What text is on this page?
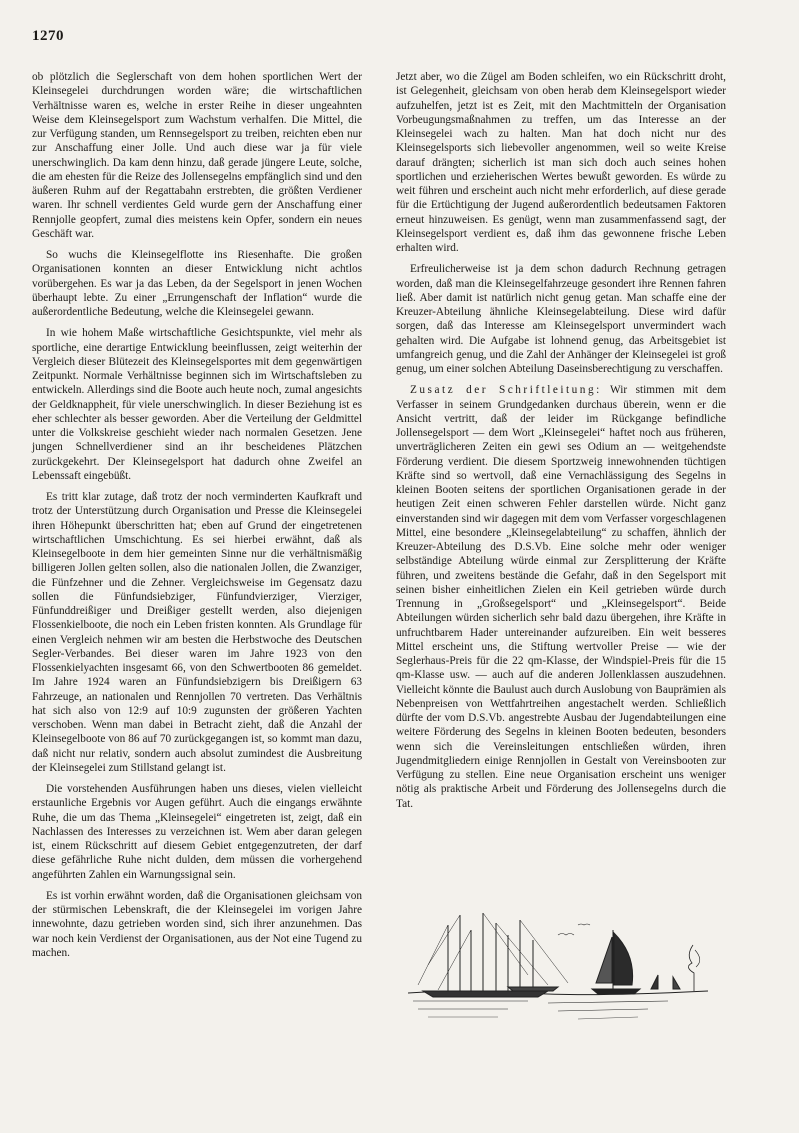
1270

ob plötzlich die Seglerschaft von dem hohen sportlichen Wert der Kleinsegelei durchdrungen worden wäre; die wirtschaftlichen Verhältnisse waren es, welche in erster Reihe in dieser ungeahnten Weise dem Kleinsegelsport zum Wachstum verhalfen. Die Mittel, die zur Verfügung standen, um Rennsegelsport zu treiben, reichten eben nur zur Anschaffung einer Jolle. Und auch diese war ja für viele unerschwinglich. Da kam denn hinzu, daß gerade jüngere Leute, solche, die am ehesten für die Reize des Jollensegelns empfänglich sind und den äußeren Ruhm auf der Regattabahn erstrebten, die größten Verdiener waren. Ihr schnell verdientes Geld wurde gern der Anschaffung einer Rennjolle geopfert, zumal dies meistens kein Opfer, sondern ein neues Geschäft war.

So wuchs die Kleinsegelflotte ins Riesenhafte. Die großen Organisationen konnten an dieser Entwicklung nicht achtlos vorübergehen. Es war ja das Leben, da der Segelsport in jenen Wochen überhaupt lebte. Zu einer „Errungenschaft der Inflation“ wurde die außerordentliche Bedeutung, welche die Kleinsegelei gewann.

In wie hohem Maße wirtschaftliche Gesichtspunkte, viel mehr als sportliche, eine derartige Entwicklung beeinflussen, zeigt weiterhin der Vergleich dieser Blütezeit des Kleinsegelsportes mit dem gegenwärtigen Zeitpunkt. Normale Verhältnisse beginnen sich im Wirtschaftsleben zu entwickeln. Allerdings sind die Boote auch heute noch, zumal angesichts der Geldknappheit, für viele unerschwinglich. In dieser Beziehung ist es eher schlechter als besser geworden. Aber die Verteilung der Geldmittel unter die Volkskreise geschieht wieder nach normalen Gesetzen. Jene jungen Schnellverdiener sind an ihr bescheidenes Plätzchen zurückgekehrt. Der Kleinsegelsport hat dadurch ohne Zweifel an Lebenssaft eingebüßt.

Es tritt klar zutage, daß trotz der noch verminderten Kaufkraft und trotz der Unterstützung durch Organisation und Presse die Kleinsegelei ihren Höhepunkt überschritten hat; eben auf Grund der eingetretenen wirtschaftlichen Umschichtung. Es sei hierbei erwähnt, daß als Kleinsegelboote in dem hier gemeinten Sinne nur die verhältnismäßig billigeren Jollen gelten sollen, also die nationalen Jollen, die Zwanziger, die Fünfzehner und die Zehner. Vergleichsweise im Gegensatz dazu sollen die Fünfundsiebziger, Fünfundvierziger, Vierziger, Fünfunddreißiger und Dreißiger gestellt werden, also diejenigen Flossenkielboote, die noch ein Leben fristen konnten. Als Grundlage für einen Vergleich nehmen wir am besten die Herbstwoche des Deutschen Segler-Verbandes. Bei dieser waren im Jahre 1923 von den Flossenkielyachten insgesamt 66, von den Schwertbooten 86 gemeldet. Im Jahre 1924 waren an Fünfundsiebzigern bis Dreißigern 63 Fahrzeuge, an nationalen und Rennjollen 70 vertreten. Das Verhältnis hat sich also von 12:9 auf 10:9 zugunsten der größeren Yachten verschoben. Wenn man dabei in Betracht zieht, daß die Anzahl der Kleinsegelboote von 86 auf 70 zurückgegangen ist, so kommt man dazu, daß nicht nur relativ, sondern auch absolut zumindest die Ausbreitung der Kleinsegelei zum Stillstand gelangt ist.

Die vorstehenden Ausführungen haben uns dieses, vielen vielleicht erstaunliche Ergebnis vor Augen geführt. Auch die eingangs erwähnte Ruhe, die um das Thema „Kleinsegelei“ eingetreten ist, zeigt, daß ein Nachlassen des Interesses zu verzeichnen ist. Wem aber daran gelegen ist, einem Rückschritt auf diesem Gebiet entgegenzutreten, der darf diese gefährliche Ruhe nicht dulden, dem müssen die vorhergehend angeführten Zahlen ein Warnungssignal sein.

Es ist vorhin erwähnt worden, daß die Organisationen gleichsam von der stürmischen Lebenskraft, die der Kleinsegelei im vorigen Jahre innewohnte, dazu getrieben worden sind, sich ihrer anzunehmen. Das war noch kein Verdienst der Organisationen, aus der Not eine Tugend zu machen.

Jetzt aber, wo die Zügel am Boden schleifen, wo ein Rückschritt droht, ist Gelegenheit, gleichsam von oben herab dem Kleinsegelsport wieder aufzuhelfen, jetzt ist es Zeit, mit den Machtmitteln der Organisation Vorbeugungsmaßnahmen zu treffen, um das Interesse an der Kleinsegelei wach zu halten. Man hat doch nicht nur des Kleinsegelsports sich liebevoller angenommen, weil so weite Kreise darauf drängten; sicherlich ist man sich doch auch seines hohen sportlichen und erzieherischen Wertes bewußt geworden. Es würde zu weit führen und erscheint auch nicht mehr erforderlich, auf diese gerade für die Ertüchtigung der Jugend außerordentlich bedeutsamen Faktoren erneut hinzuweisen. Es genügt, wenn man zusammenfassend sagt, der Kleinsegelsport verdient es, daß ihm das gewonnene frische Leben erhalten wird.

Erfreulicherweise ist ja dem schon dadurch Rechnung getragen worden, daß man die Kleinsegelfahrzeuge gesondert ihre Rennen fahren ließ. Aber damit ist natürlich nicht genug getan. Man schaffe eine der Kreuzer-Abteilung ähnliche Kleinsegelabteilung. Diese wird dafür sorgen, daß das Interesse am Kleinsegelsport unvermindert wach gehalten wird. Die Aufgabe ist lohnend genug, das Arbeitsgebiet ist umfangreich genug, und die Zahl der Anhänger der Kleinsegelei ist groß genug, um einer solchen Abteilung Daseinsberechtigung zu verschaffen.

Zusatz der Schriftleitung: Wir stimmen mit dem Verfasser in seinem Grundgedanken durchaus überein, wenn er die Ansicht vertritt, daß der leider im Rückgange befindliche Jollensegelsport — dem Wort „Kleinsegelei“ haftet noch aus früheren, unverträglicheren Zeiten ein gewi ses Odium an — weitgehendste Förderung verdient. Die diesem Sportzweig innewohnenden tüchtigen Kräfte sind so wertvoll, daß eine Vernachlässigung des Segelns in kleinen Booten seitens der sportlichen Organisationen gerade in der heutigen Zeit einen schweren Fehler darstellen würde. Nicht ganz einverstanden sind wir dagegen mit dem vom Verfasser vorgeschlagenen Mittel, eine besondere „Kleinsegelabteilung“ zu schaffen, ähnlich der Kreuzer-Abteilung des D.S.Vb. Eine solche mehr oder weniger selbständige Abteilung würde einmal zur Zersplitterung der Kräfte führen, und zweitens bestände die Gefahr, daß in den Segelsport mit seinen bisher einheitlichen Zielen ein Keil getrieben würde durch Trennung in „Großsegelsport“ und „Kleinsegelsport“. Beide Abteilungen würden sicherlich sehr bald dazu übergehen, ihre Kräfte in unfruchtbarem Hader untereinander aufzureiben. Ein weit besseres Mittel erscheint uns, die Stiftung wertvoller Preise — wie der Seglerhaus-Preis für die 22 qm-Klasse, der Windspiel-Preis für die 15 qm-Klasse usw. — auch auf die anderen Jollenklassen auszudehnen. Vielleicht könnte die Baulust auch durch Auslobung von Bauprämien als Nebenpreisen von Wettfahrtreihen angestachelt werden. Schließlich dürfte der vom D.S.Vb. angestrebte Ausbau der Jugendabteilungen eine weitere Förderung des Segelns in kleinen Booten bedeuten, besonders wenn sich die Vereinsleitungen entschließen würden, ihren Jugendmitgliedern einige Rennjollen in Gestalt von Vereinsbooten zur Verfügung zu stellen. Eine neue Organisation erscheint uns weniger nötig als praktische Arbeit und Förderung des Jollensegelns durch die Tat.
